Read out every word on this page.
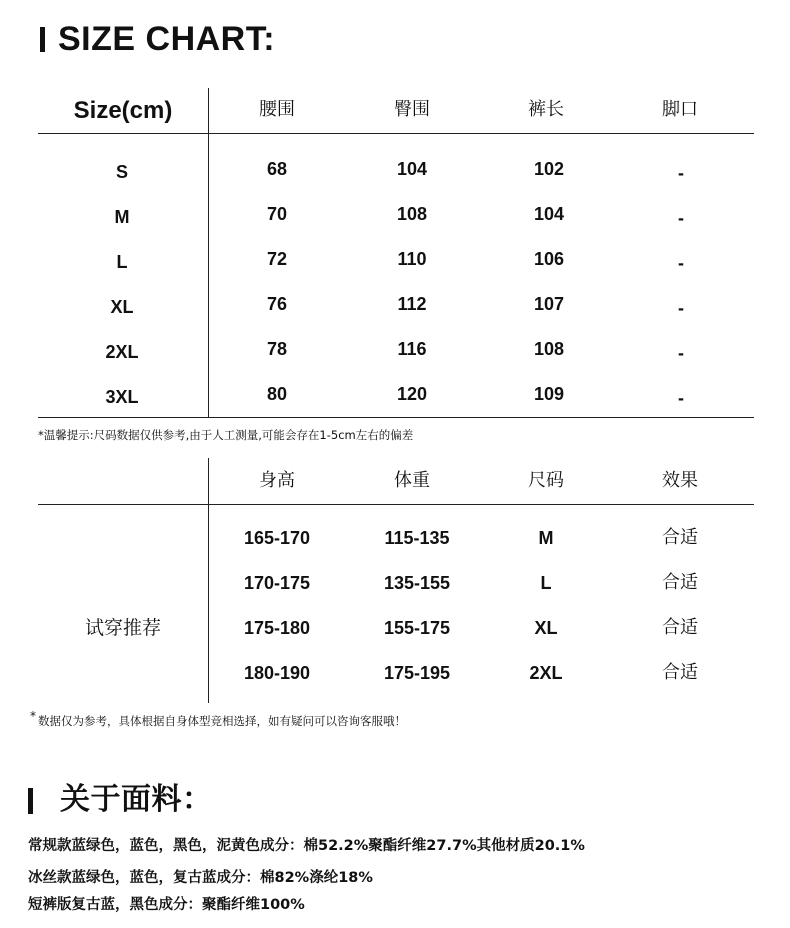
SIZE CHART:
Size(cm)	腰围	臀围	裤长	脚口
S	68	104	102	-
M	70	108	104	-
L	72	110	106	-
XL	76	112	107	-
2XL	78	116	108	-
3XL	80	120	109	-
*温馨提示:尺码数据仅供参考,由于人工测量,可能会存在1-5cm左右的偏差
身高	体重	尺码	效果
试穿推荐
165-170	115-135	M	合适
170-175	135-155	L	合适
175-180	155-175	XL	合适
180-190	175-195	2XL	合适
* 数据仅为参考，具体根据自身体型竞相选择，如有疑问可以咨询客服哦！
关于面料：
常规款蓝绿色，蓝色，黑色，泥黄色成分：棉52.2%聚酯纤维27.7%其他材质20.1%
冰丝款蓝绿色，蓝色，复古蓝成分：棉82%涤纶18%
短裤版复古蓝，黑色成分：聚酯纤维100%
